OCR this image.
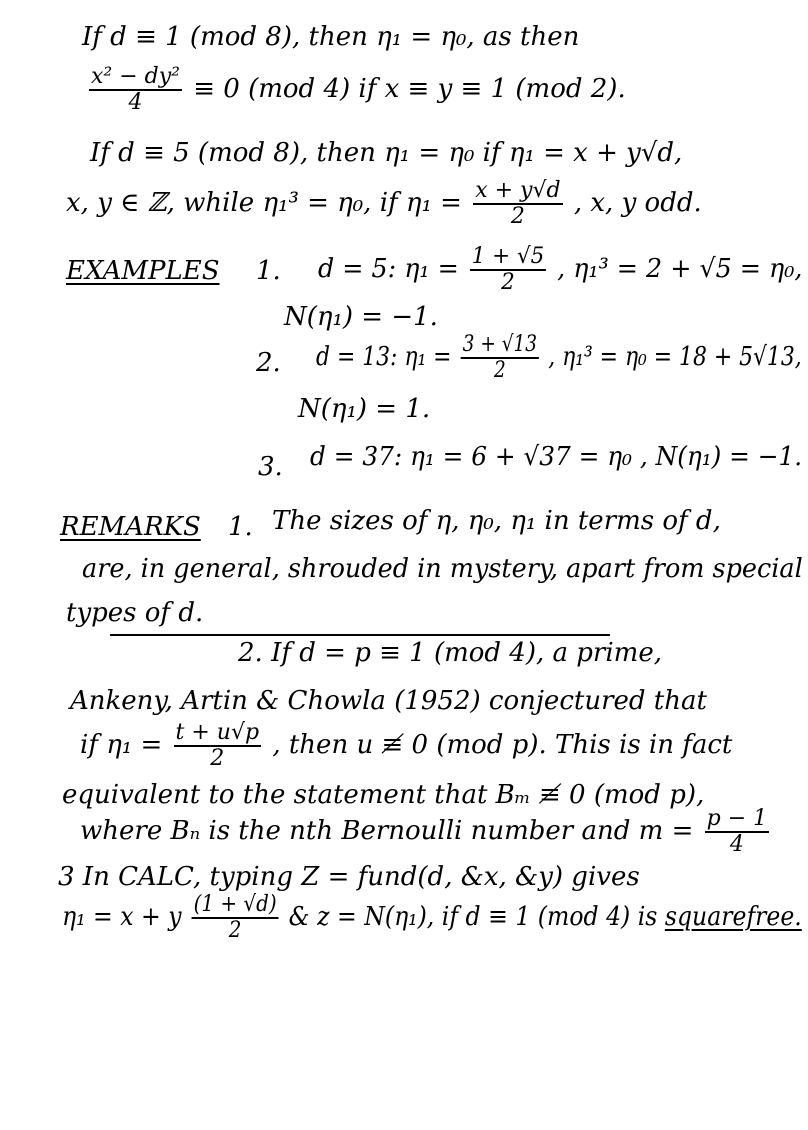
If d ≡ 1 (mod 8), then η₁ = η₀, as then
$\frac{\text{x² − dy²}}{4} \equiv 0$ (mod 4) if x ≡ y ≡ 1 (mod 2).
If d ≡ 5 (mod 8), then η₁ = η₀ if η₁ = x + y√d,
x, y ∈ ℤ, while η₁³ = η₀, if $\eta_1 = \frac{x + y√d}{2}$ , x, y odd.
EXAMPLES 1. d = 5: $\eta_1 = \frac{1 + √5}{2}$ , η₁³ = 2 + √5 = η₀,
N(η₁) = −1.
2. d = 13: $\eta_1 = \frac{3 + √13}{2}$ , η₁³ = η₀ = 18 + 5√13,
N(η₁) = 1.
3. d = 37: η₁ = 6 + √37 = η₀ , N(η₁) = −1.
REMARKS 1. The sizes of η, η₀, η₁ in terms of d,
are, in general, shrouded in mystery, apart from special
types of d.
2. If d = p ≡ 1 (mod 4), a prime,
Ankeny, Artin & Chowla (1952) conjectured that
if $\eta_1 = \frac{t + u√p}{2}$ , then u ≢ 0 (mod p). This is in fact
equivalent to the statement that Bₘ ≢ 0 (mod p),
where Bₙ is the nth Bernoulli number and $m = \frac{p - 1}{4}$
3 In CALC, typing Z = fund(d, &x, &y) gives
η₁ = x + y $\frac{(1 + √d)}{2}$ & z = N(η₁), if d ≡ 1 (mod 4) is squarefree.
